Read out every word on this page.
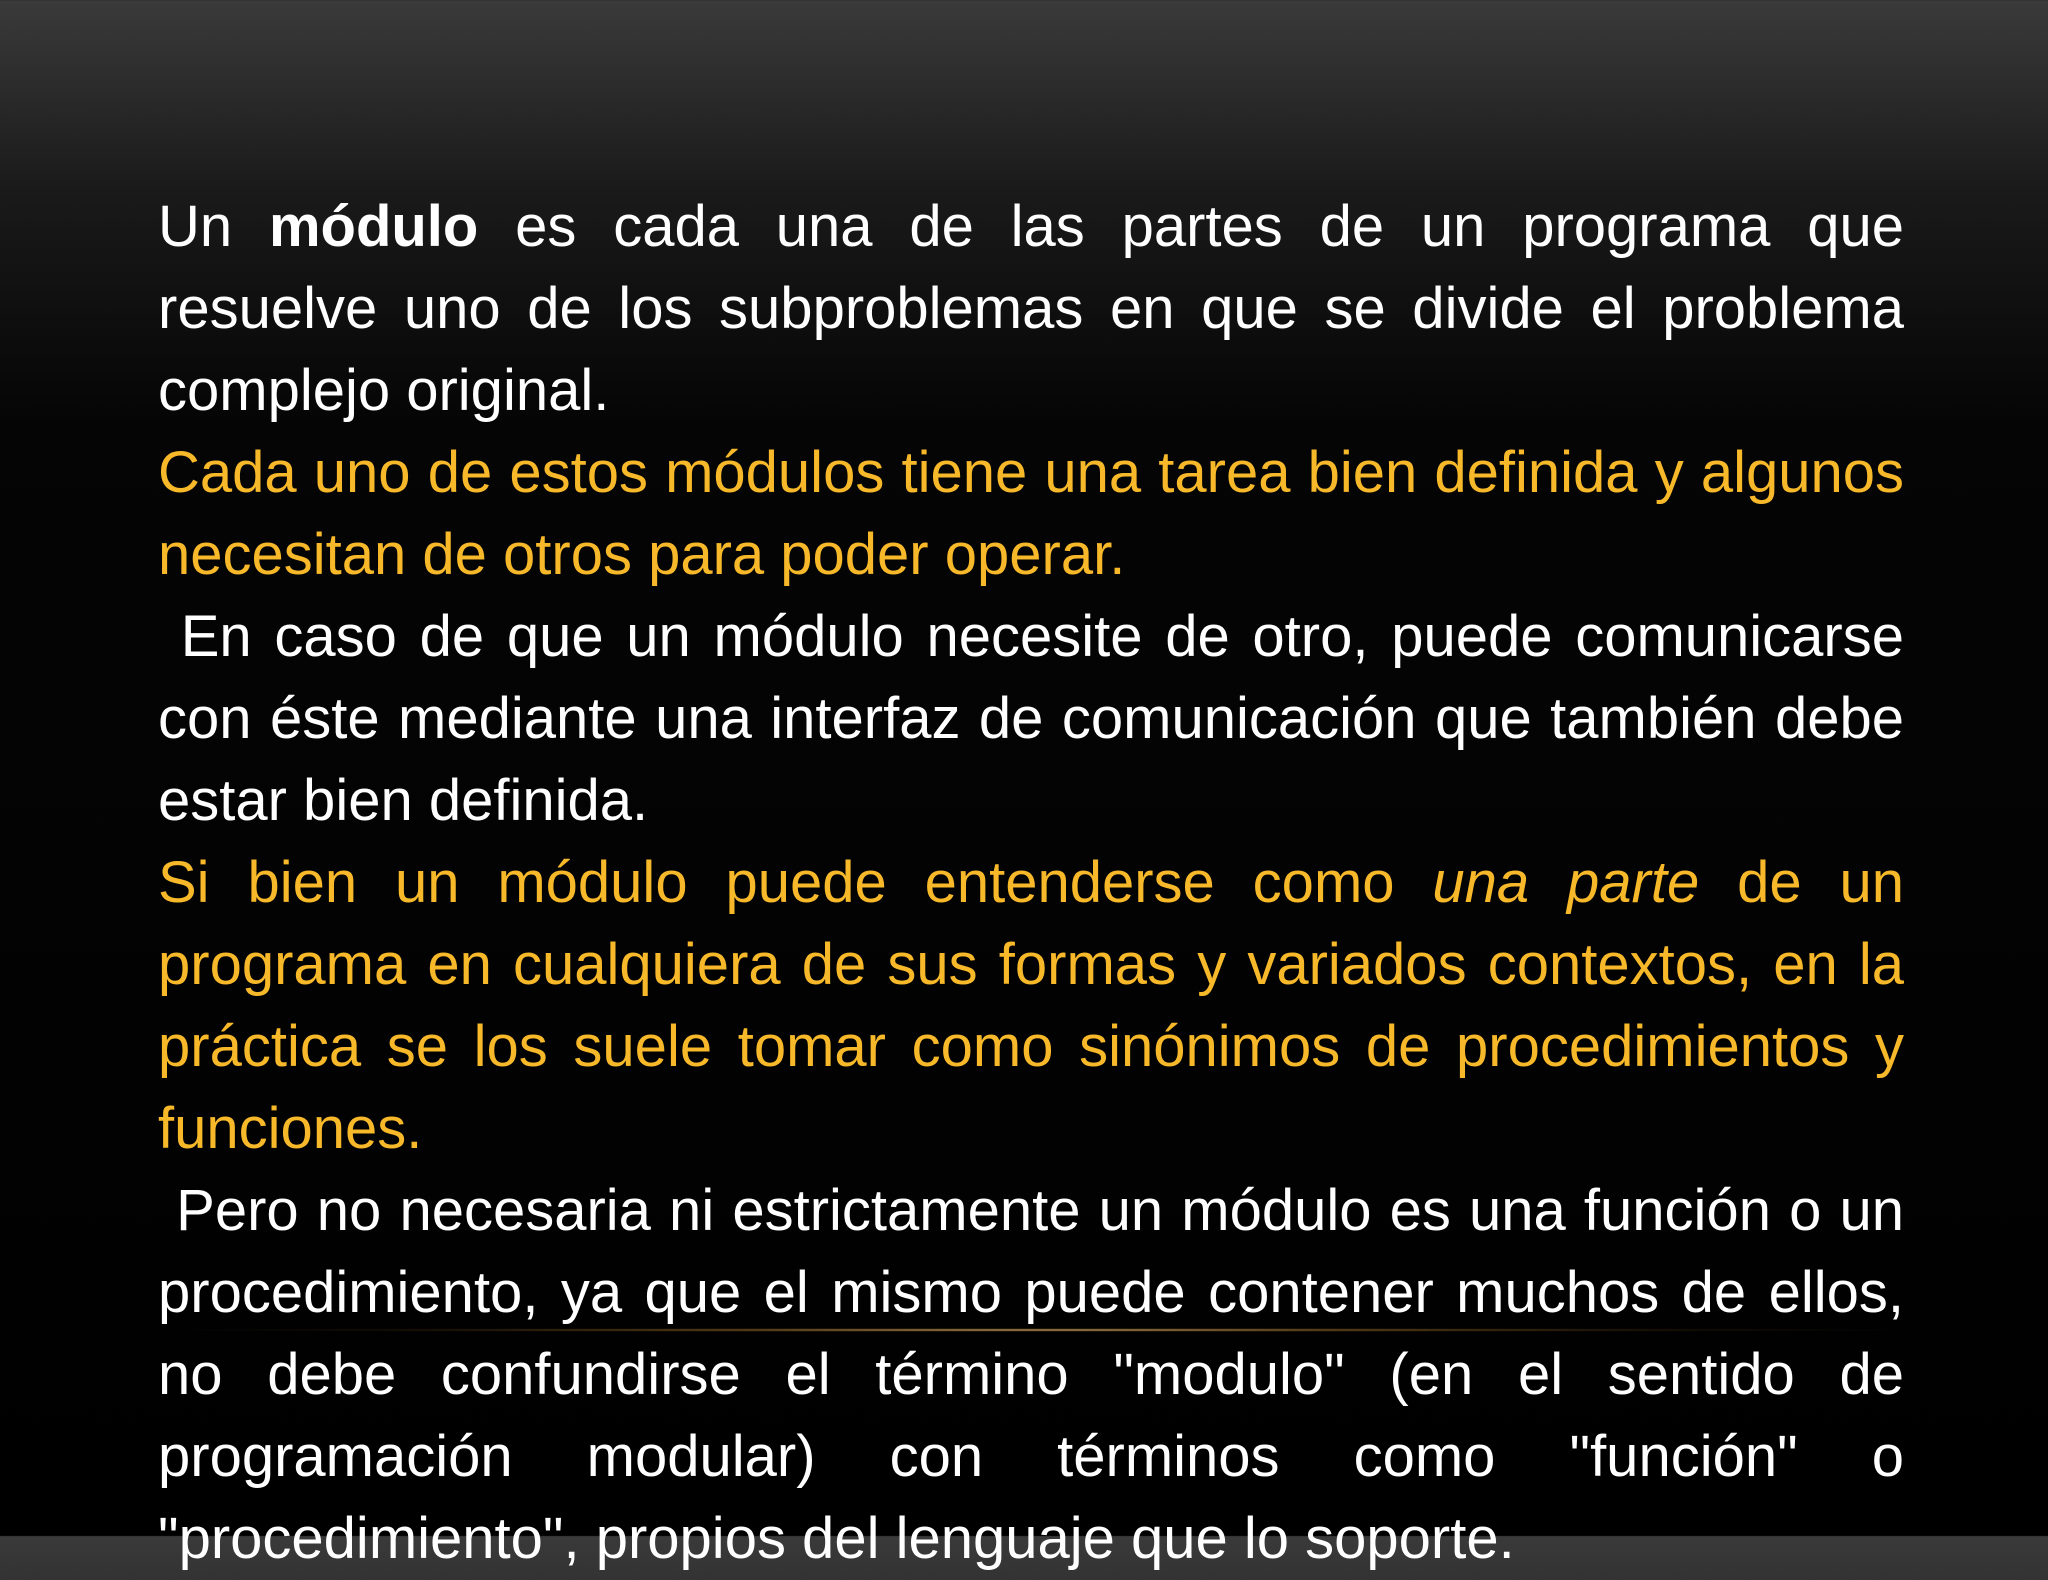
Un módulo es cada una de las partes de un programa que resuelve uno de los subproblemas en que se divide el problema complejo original.

Cada uno de estos módulos tiene una tarea bien definida y algunos necesitan de otros para poder operar.

En caso de que un módulo necesite de otro, puede comunicarse con éste mediante una interfaz de comunicación que también debe estar bien definida.

Si bien un módulo puede entenderse como una parte de un programa en cualquiera de sus formas y variados contextos, en la práctica se los suele tomar como sinónimos de procedimientos y funciones.

Pero no necesaria ni estrictamente un módulo es una función o un procedimiento, ya que el mismo puede contener muchos de ellos, no debe confundirse el término "modulo" (en el sentido de programación modular) con términos como "función" o "procedimiento", propios del lenguaje que lo soporte.
